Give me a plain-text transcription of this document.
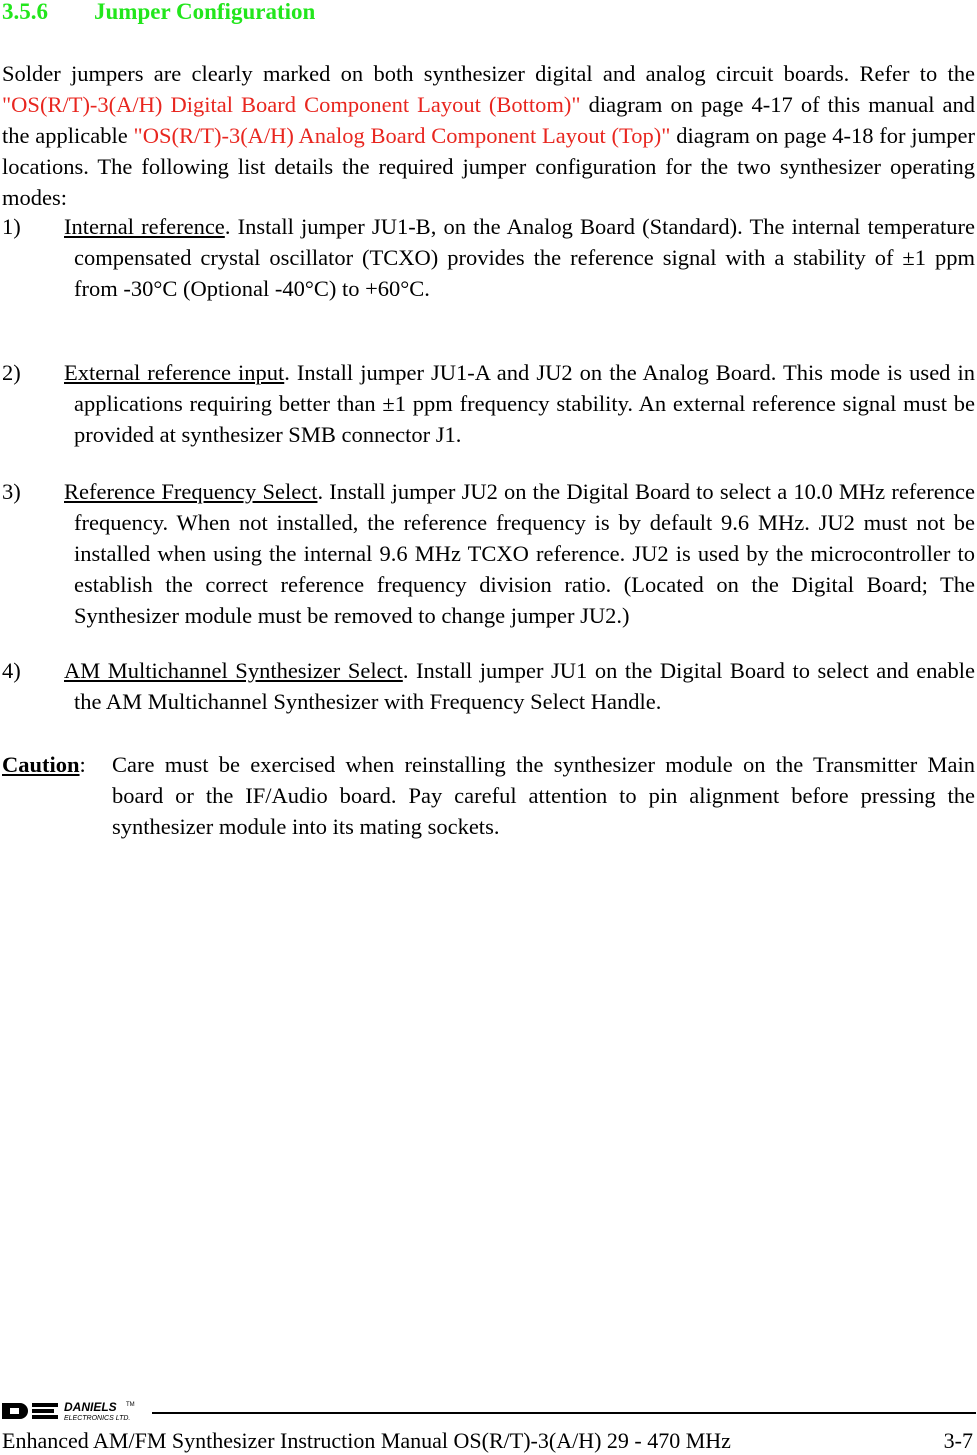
3.5.6 Jumper Configuration

Solder jumpers are clearly marked on both synthesizer digital and analog circuit boards. Refer to the "OS(R/T)-3(A/H) Digital Board Component Layout (Bottom)" diagram on page 4-17 of this manual and the applicable "OS(R/T)-3(A/H) Analog Board Component Layout (Top)" diagram on page 4-18 for jumper locations. The following list details the required jumper configuration for the two synthesizer operating modes:

1) Internal reference. Install jumper JU1-B, on the Analog Board (Standard). The internal temperature compensated crystal oscillator (TCXO) provides the reference signal with a stability of ±1 ppm from -30°C (Optional -40°C) to +60°C.
2) External reference input. Install jumper JU1-A and JU2 on the Analog Board. This mode is used in applications requiring better than ±1 ppm frequency stability. An external reference signal must be provided at synthesizer SMB connector J1.
3) Reference Frequency Select. Install jumper JU2 on the Digital Board to select a 10.0 MHz reference frequency. When not installed, the reference frequency is by default 9.6 MHz. JU2 must not be installed when using the internal 9.6 MHz TCXO reference. JU2 is used by the microcontroller to establish the correct reference frequency division ratio. (Located on the Digital Board; The Synthesizer module must be removed to change jumper JU2.)
4) AM Multichannel Synthesizer Select. Install jumper JU1 on the Digital Board to select and enable the AM Multichannel Synthesizer with Frequency Select Handle.
Caution:	Care must be exercised when reinstalling the synthesizer module on the Transmitter Main board or the IF/Audio board. Pay careful attention to pin alignment before pressing the synthesizer module into its mating sockets.
DANIELS TM
ELECTRONICS LTD.
Enhanced AM/FM Synthesizer Instruction Manual OS(R/T)-3(A/H) 29 - 470 MHz	3-7
